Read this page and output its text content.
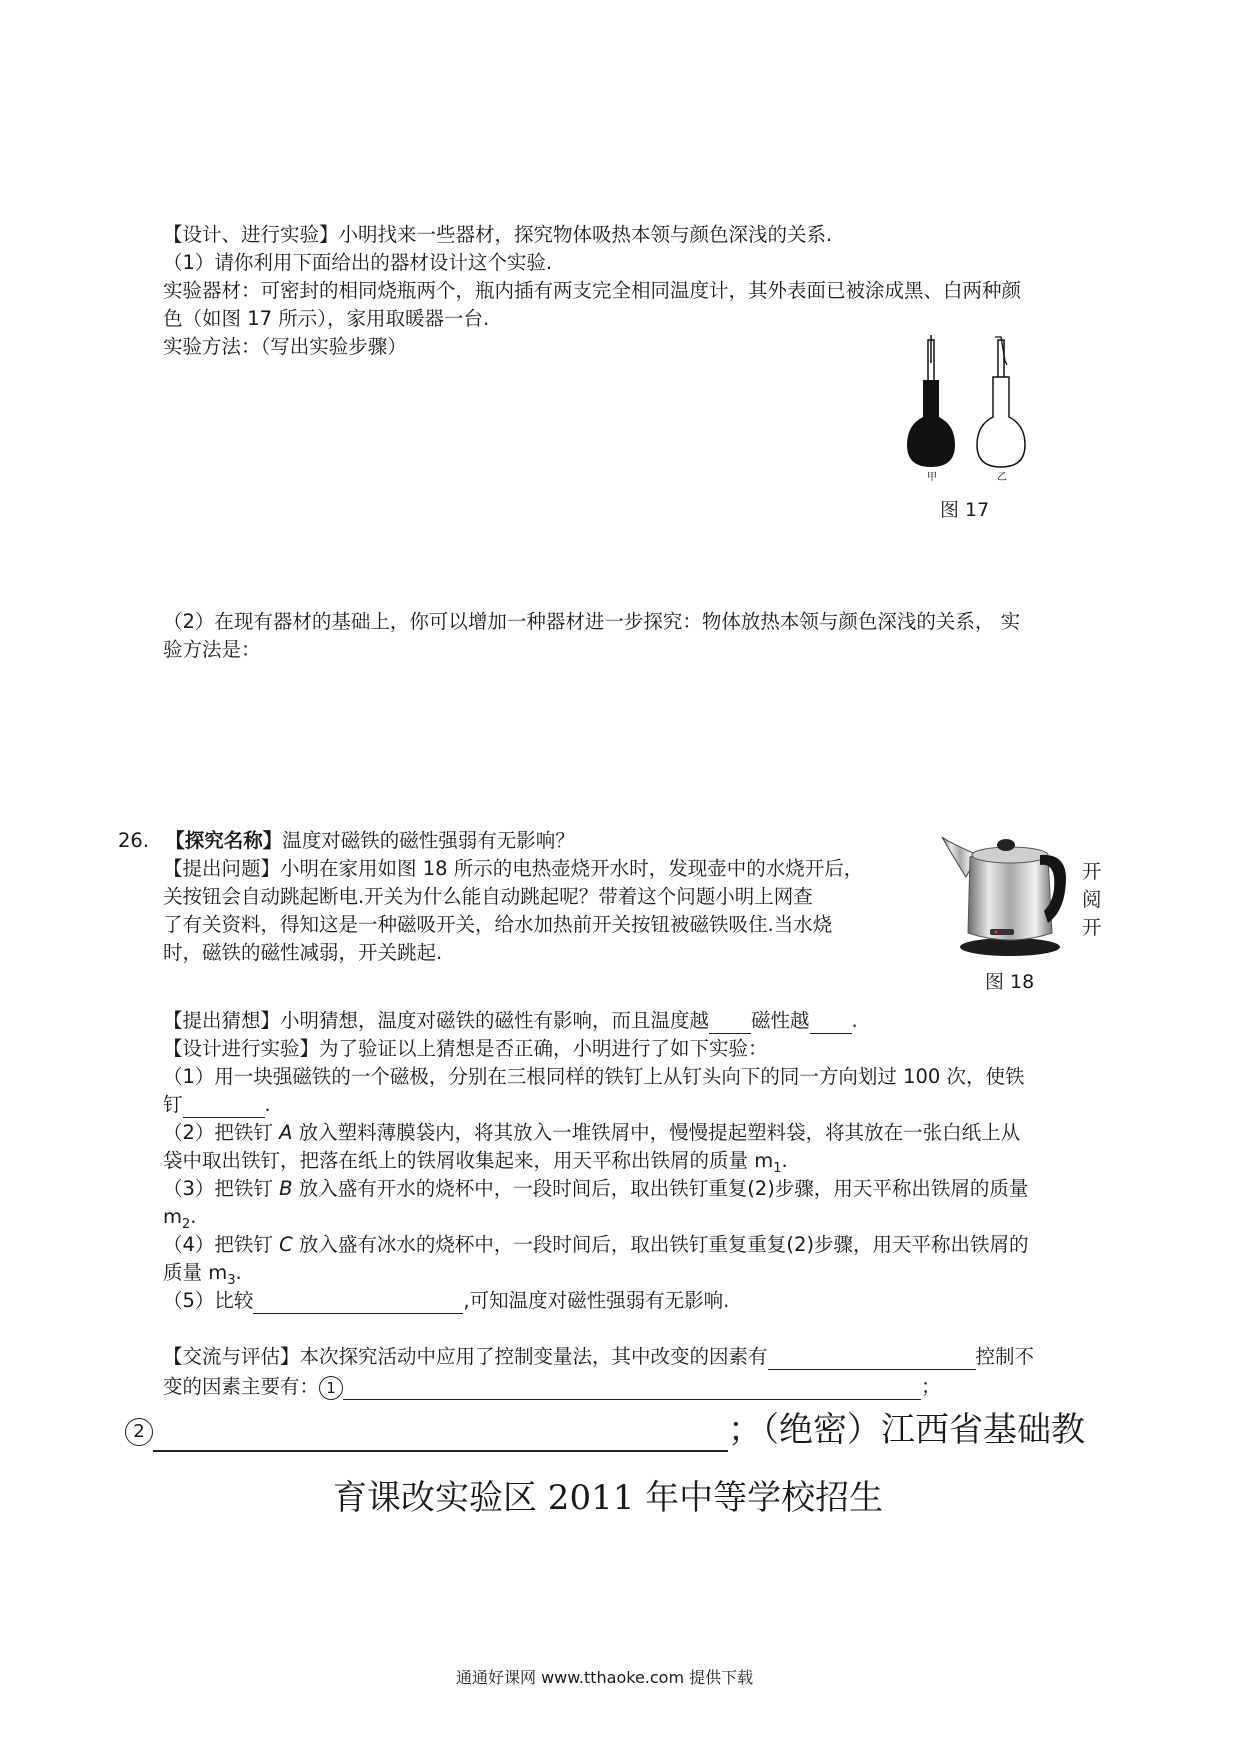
【设计、进行实验】小明找来一些器材，探究物体吸热本领与颜色深浅的关系.
（1）请你利用下面给出的器材设计这个实验.
实验器材：可密封的相同烧瓶两个，瓶内插有两支完全相同温度计，其外表面已被涂成黑、白两种颜
色（如图 17 所示），家用取暖器一台.
实验方法：（写出实验步骤）
甲	乙
图 17
（2）在现有器材的基础上，你可以增加一种器材进一步探究：物体放热本领与颜色深浅的关系， 实
验方法是：
26. 【探究名称】温度对磁铁的磁性强弱有无影响？
【提出问题】小明在家用如图 18 所示的电热壶烧开水时，发现壶中的水烧开后，	开
关按钮会自动跳起断电.开关为什么能自动跳起呢？带着这个问题小明上网查	阅
了有关资料，得知这是一种磁吸开关，给水加热前开关按钮被磁铁吸住.当水烧	开
时，磁铁的磁性减弱，开关跳起.
图 18
【提出猜想】小明猜想，温度对磁铁的磁性有影响，而且温度越 磁性越 .
【设计进行实验】为了验证以上猜想是否正确，小明进行了如下实验：
（1）用一块强磁铁的一个磁极，分别在三根同样的铁钉上从钉头向下的同一方向划过 100 次，使铁
钉	.
（2）把铁钉 A 放入塑料薄膜袋内，将其放入一堆铁屑中，慢慢提起塑料袋，将其放在一张白纸上从
袋中取出铁钉，把落在纸上的铁屑收集起来，用天平称出铁屑的质量 $m_1$.
（3）把铁钉 B 放入盛有开水的烧杯中，一段时间后，取出铁钉重复(2)步骤，用天平称出铁屑的质量
$m_2$.
（4）把铁钉 C 放入盛有冰水的烧杯中，一段时间后，取出铁钉重复重复(2)步骤，用天平称出铁屑的
质量 $m_3$.
（5）比较	,可知温度对磁性强弱有无影响.
【交流与评估】本次探究活动中应用了控制变量法，其中改变的因素有	控制不
变的因素主要有： 1	；
2	；（绝密）江西省基础教
育课改实验区 2011 年中等学校招生
通通好课网 www.tthaoke.com 提供下载
